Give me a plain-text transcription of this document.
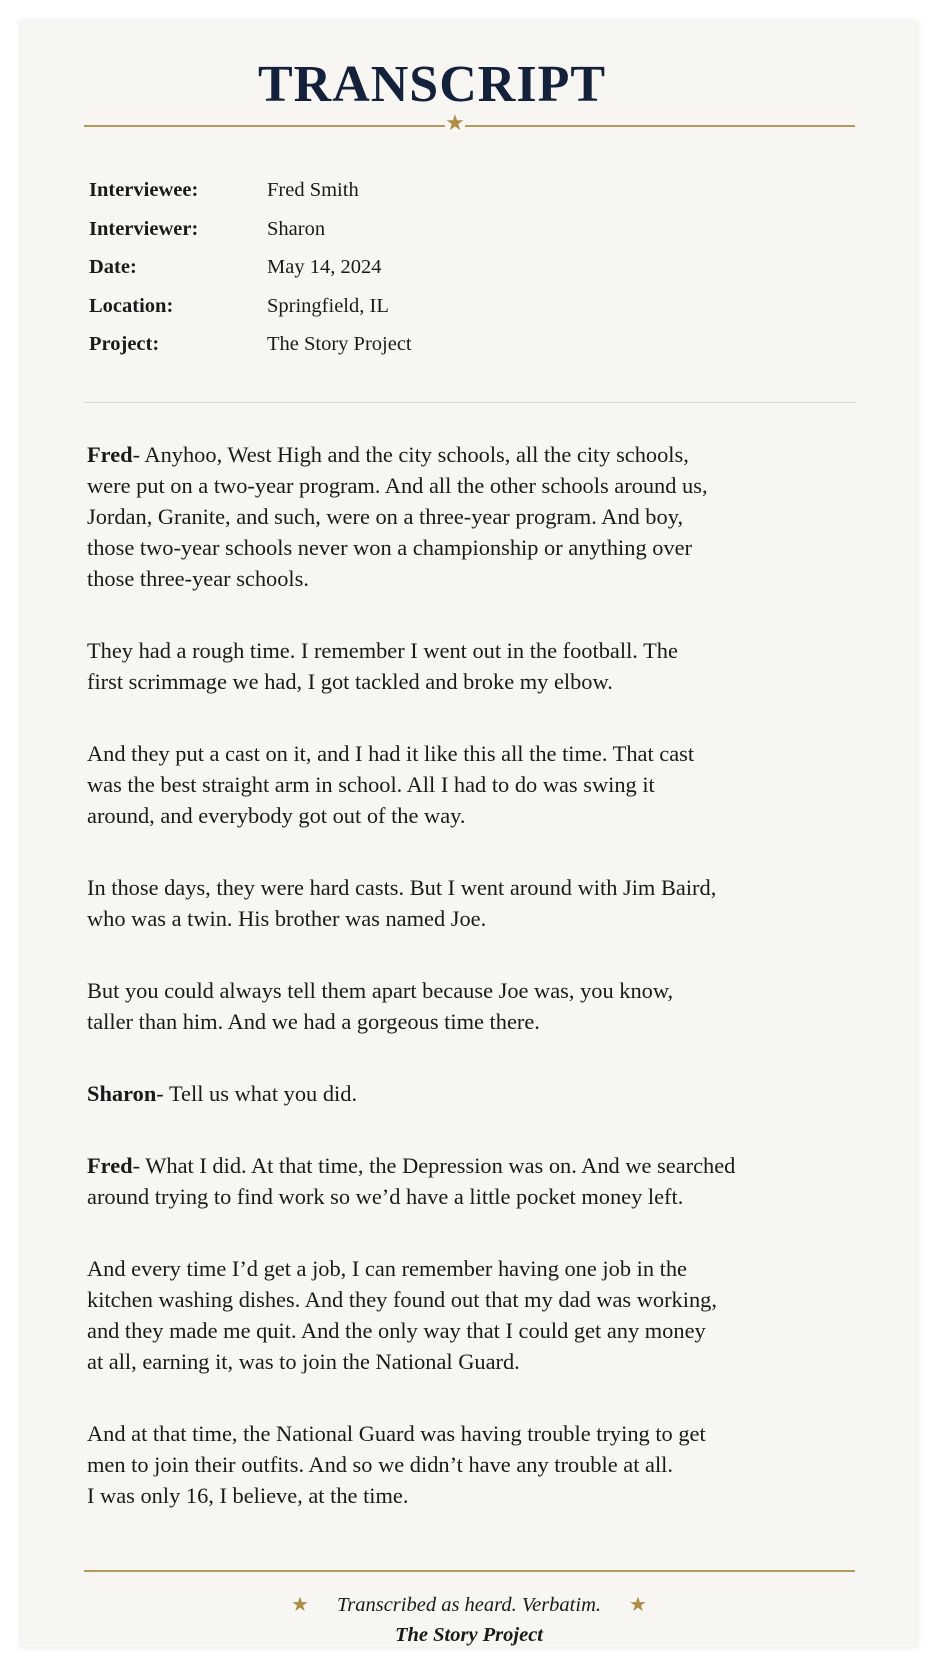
TRANSCRIPT
★
Interviewee:	Fred Smith
Interviewer:	Sharon
Date:	May 14, 2024
Location:	Springfield, IL
Project:	The Story Project

Fred- Anyhoo, West High and the city schools, all the city schools,
were put on a two-year program. And all the other schools around us,
Jordan, Granite, and such, were on a three-year program. And boy,
those two-year schools never won a championship or anything over
those three-year schools.

They had a rough time. I remember I went out in the football. The
first scrimmage we had, I got tackled and broke my elbow.

And they put a cast on it, and I had it like this all the time. That cast
was the best straight arm in school. All I had to do was swing it
around, and everybody got out of the way.

In those days, they were hard casts. But I went around with Jim Baird,
who was a twin. His brother was named Joe.

But you could always tell them apart because Joe was, you know,
taller than him. And we had a gorgeous time there.

Sharon- Tell us what you did.

Fred- What I did. At that time, the Depression was on. And we searched
around trying to find work so we’d have a little pocket money left.

And every time I’d get a job, I can remember having one job in the
kitchen washing dishes. And they found out that my dad was working,
and they made me quit. And the only way that I could get any money
at all, earning it, was to join the National Guard.

And at that time, the National Guard was having trouble trying to get
men to join their outfits. And so we didn’t have any trouble at all.
I was only 16, I believe, at the time.

★ Transcribed as heard. Verbatim. ★
The Story Project
